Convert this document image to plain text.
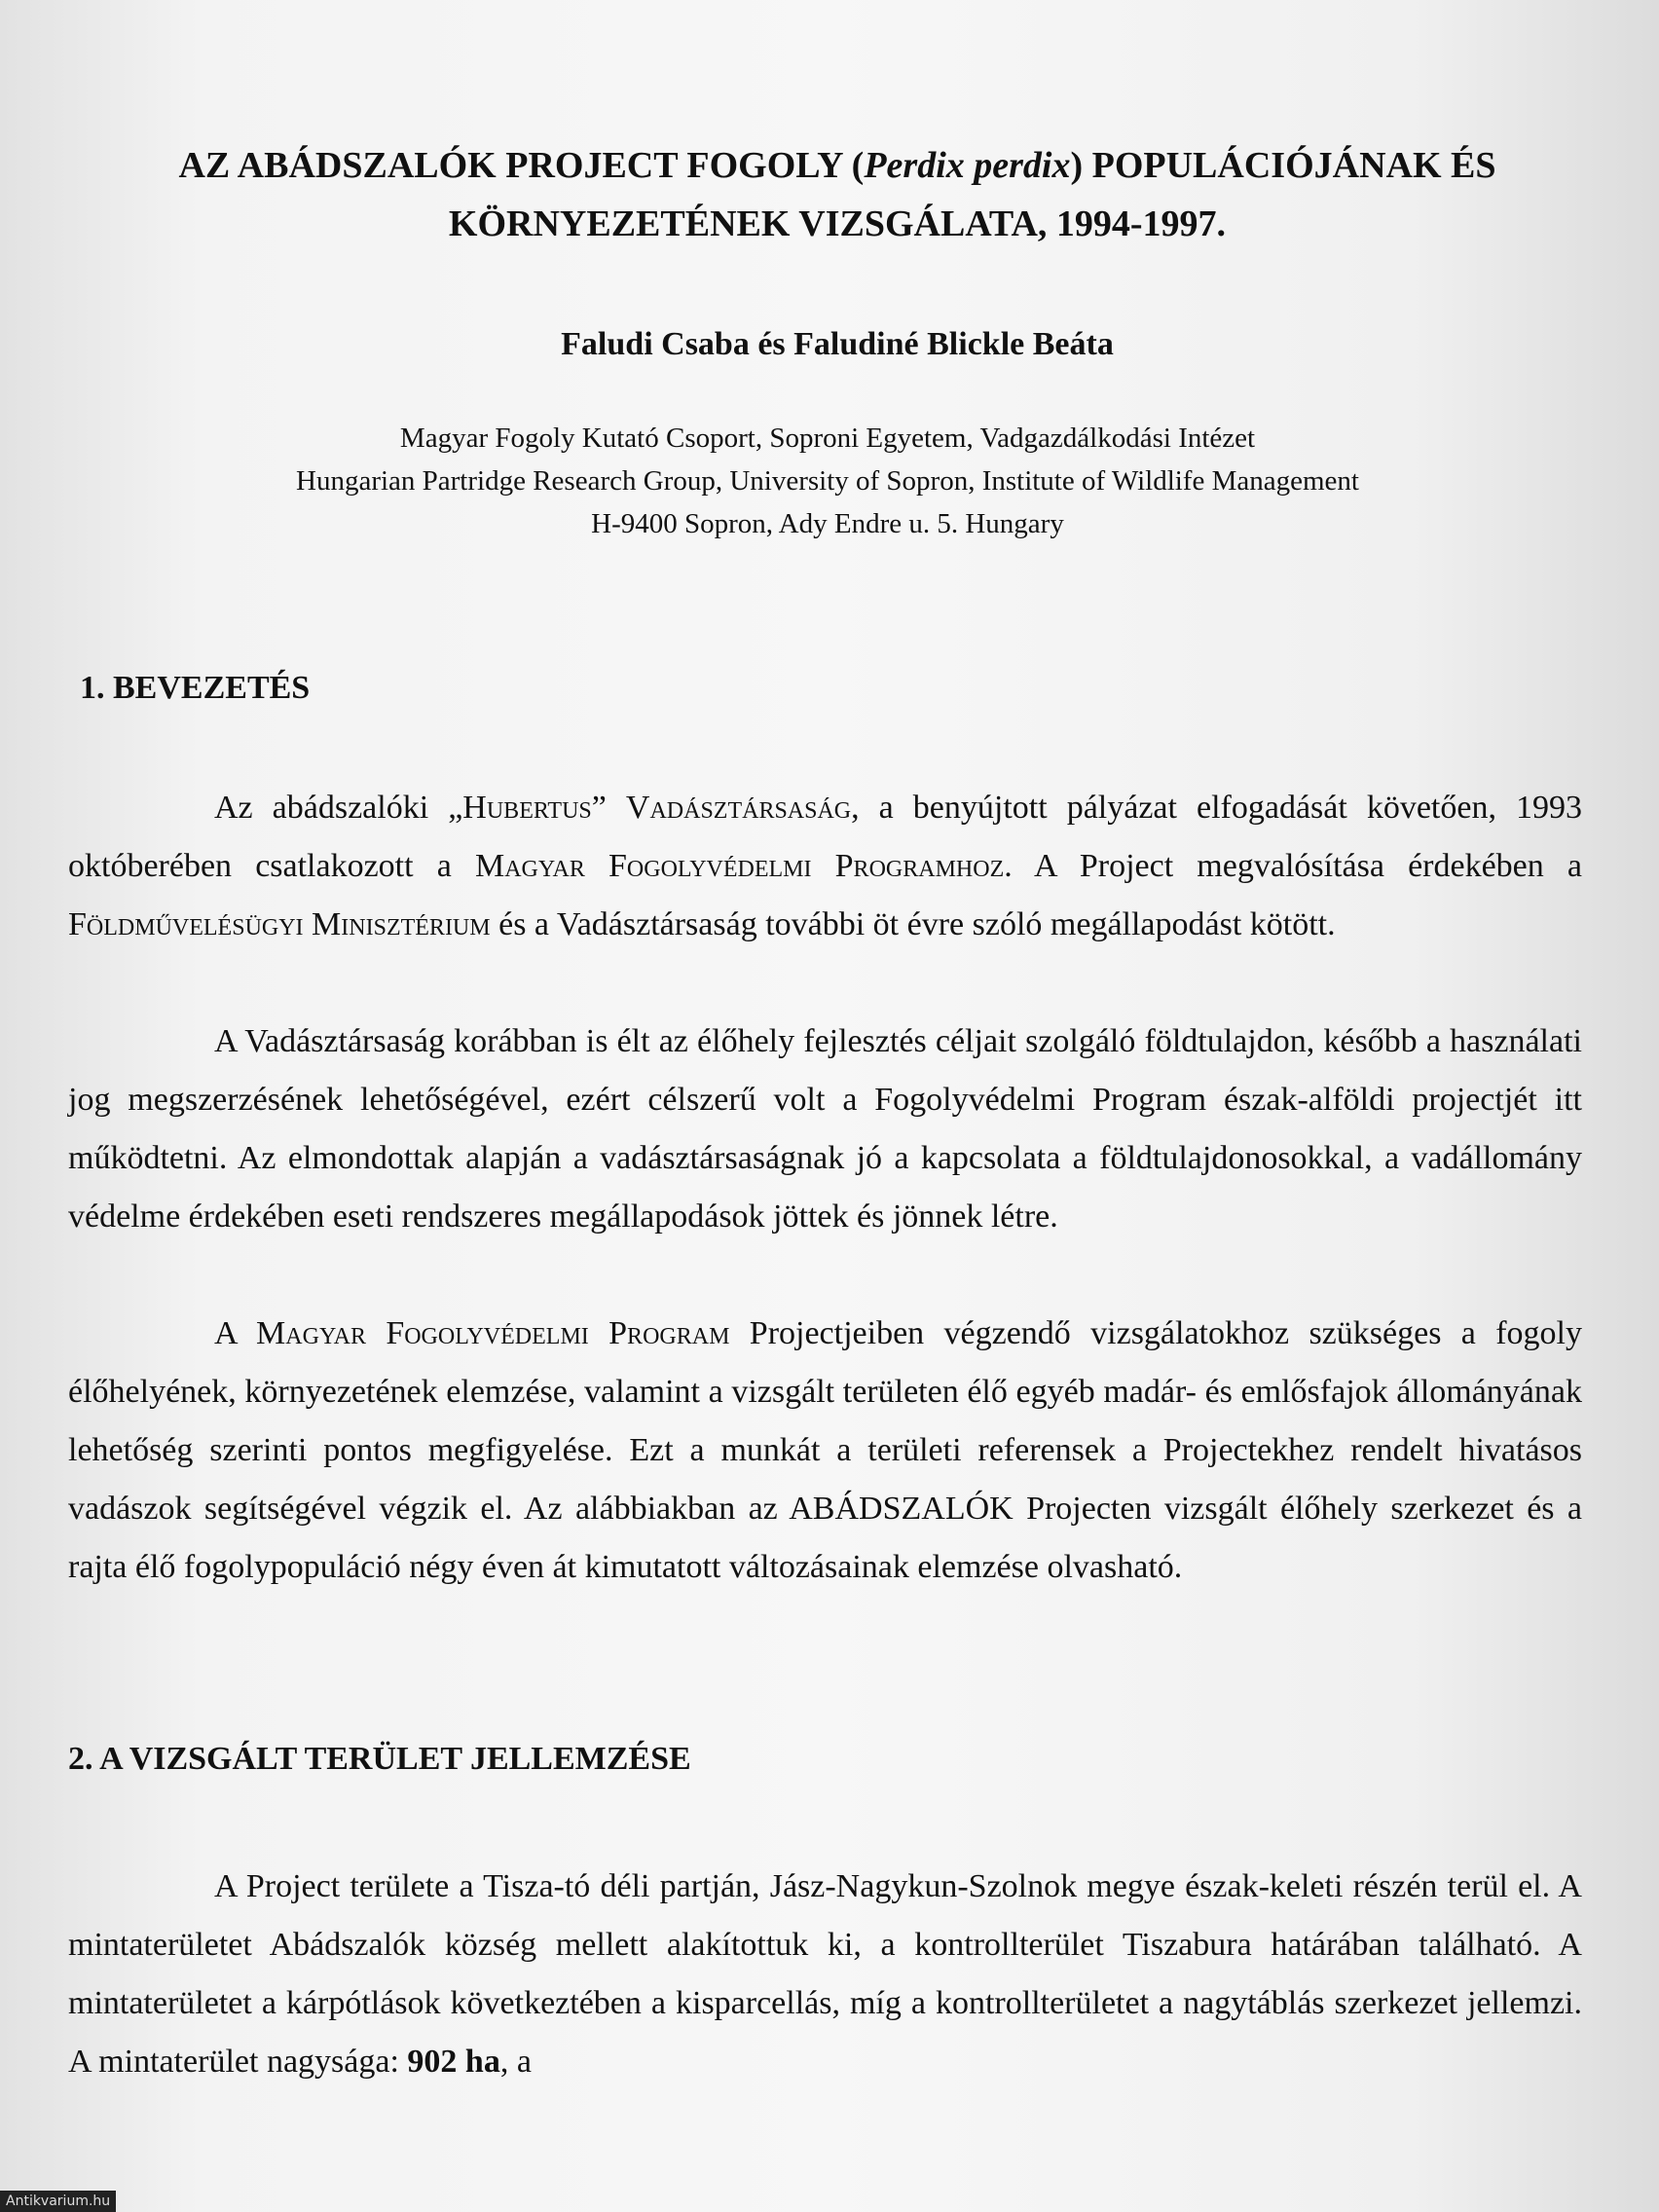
AZ ABÁDSZALÓK PROJECT FOGOLY (Perdix perdix) POPULÁCIÓJÁNAK ÉS
KÖRNYEZETÉNEK VIZSGÁLATA, 1994-1997.

Faludi Csaba és Faludiné Blickle Beáta

Magyar Fogoly Kutató Csoport, Soproni Egyetem, Vadgazdálkodási Intézet
Hungarian Partridge Research Group, University of Sopron, Institute of Wildlife Management
H-9400 Sopron, Ady Endre u. 5. Hungary
1. BEVEZETÉS

Az abádszalóki „Hubertus” Vadásztársaság, a benyújtott pályázat elfogadását követően, 1993 októberében csatlakozott a Magyar Fogolyvédelmi Programhoz. A Project megvalósítása érdekében a Földművelésügyi Minisztérium és a Vadásztársaság további öt évre szóló megállapodást kötött.

A Vadásztársaság korábban is élt az élőhely fejlesztés céljait szolgáló földtulajdon, később a használati jog megszerzésének lehetőségével, ezért célszerű volt a Fogolyvédelmi Program észak-alföldi projectjét itt működtetni. Az elmondottak alapján a vadásztársaságnak jó a kapcsolata a földtulajdonosokkal, a vadállomány védelme érdekében eseti rendszeres megállapodások jöttek és jönnek létre.

A Magyar Fogolyvédelmi Program Projectjeiben végzendő vizsgálatokhoz szükséges a fogoly élőhelyének, környezetének elemzése, valamint a vizsgált területen élő egyéb madár- és emlősfajok állományának lehetőség szerinti pontos megfigyelése. Ezt a munkát a területi referensek a Projectekhez rendelt hivatásos vadászok segítségével végzik el. Az alábbiakban az ABÁDSZALÓK Projecten vizsgált élőhely szerkezet és a rajta élő fogolypopuláció négy éven át kimutatott változásainak elemzése olvasható.

2. A VIZSGÁLT TERÜLET JELLEMZÉSE

A Project területe a Tisza-tó déli partján, Jász-Nagykun-Szolnok megye észak-keleti részén terül el. A mintaterületet Abádszalók község mellett alakítottuk ki, a kontrollterület Tiszabura határában található. A mintaterületet a kárpótlások következtében a kisparcellás, míg a kontrollterületet a nagytáblás szerkezet jellemzi. A mintaterület nagysága: 902 ha, a

Antikvarium.hu
